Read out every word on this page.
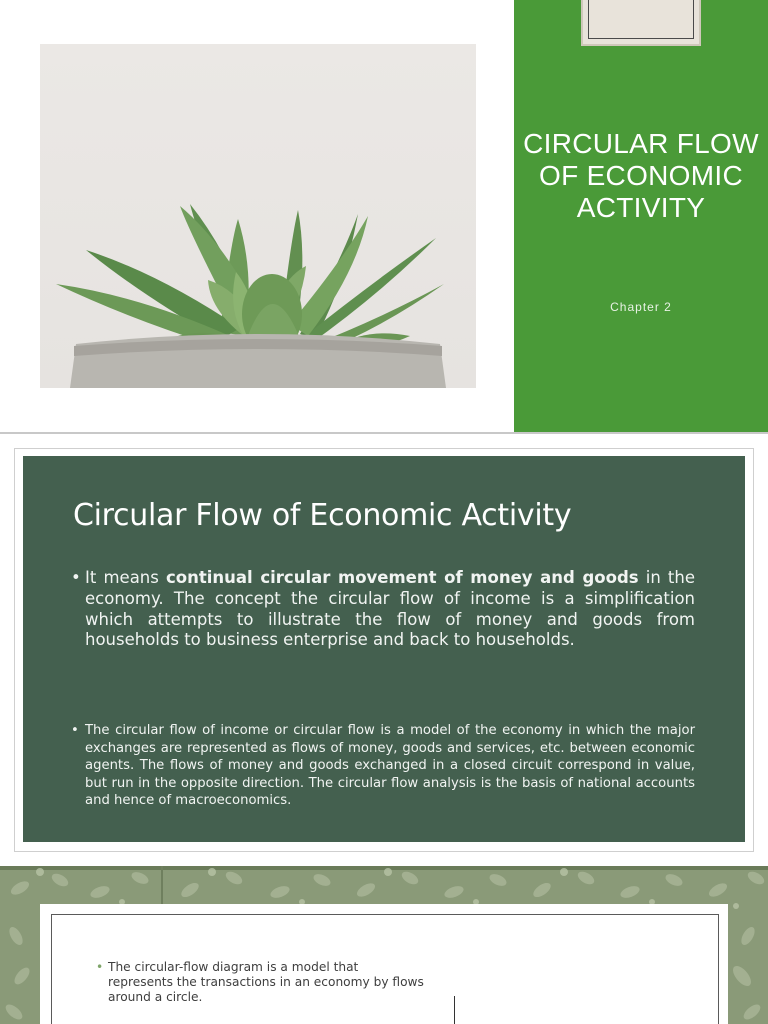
CIRCULAR FLOW OF ECONOMIC ACTIVITY
Chapter 2
Circular Flow of Economic Activity
• It means continual circular movement of money and goods in the economy. The concept the circular flow of income is a simplification which attempts to illustrate the flow of money and goods from households to business enterprise and back to households.
• The circular flow of income or circular flow is a model of the economy in which the major exchanges are represented as flows of money, goods and services, etc. between economic agents. The flows of money and goods exchanged in a closed circuit correspond in value, but run in the opposite direction. The circular flow analysis is the basis of national accounts and hence of macroeconomics.
• The circular-flow diagram is a model that represents the transactions in an economy by flows around a circle.
